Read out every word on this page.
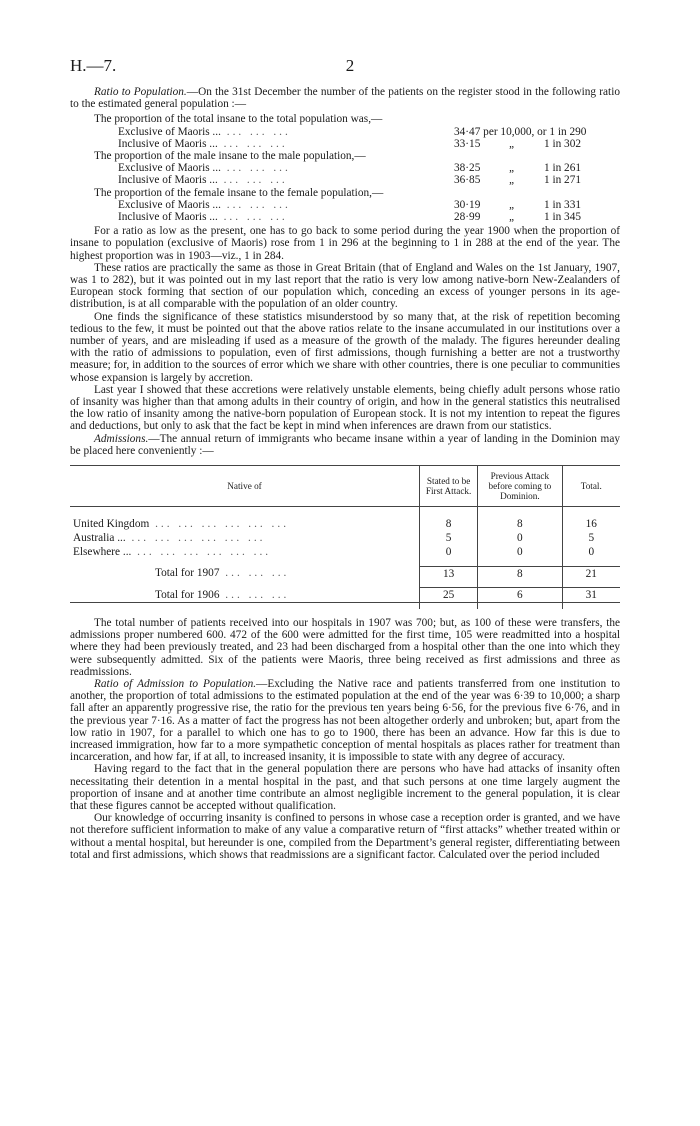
H.—7.	2

Ratio to Population.—On the 31st December the number of the patients on the register stood in the following ratio to the estimated general population :—

The proportion of the total insane to the total population was,—
Exclusive of Maoris ... ... ... ...	34·47 per 10,000, or 1 in 290
Inclusive of Maoris ... ... ... ...	33·15	„	1 in 302
The proportion of the male insane to the male population,—
Exclusive of Maoris ... ... ... ...	38·25	„	1 in 261
Inclusive of Maoris ... ... ... ...	36·85	„	1 in 271
The proportion of the female insane to the female population,—
Exclusive of Maoris ... ... ... ...	30·19	„	1 in 331
Inclusive of Maoris ... ... ... ...	28·99	„	1 in 345

For a ratio as low as the present, one has to go back to some period during the year 1900 when the proportion of insane to population (exclusive of Maoris) rose from 1 in 296 at the beginning to 1 in 288 at the end of the year. The highest proportion was in 1903—viz., 1 in 284.

These ratios are practically the same as those in Great Britain (that of England and Wales on the 1st January, 1907, was 1 to 282), but it was pointed out in my last report that the ratio is very low among native-born New-Zealanders of European stock forming that section of our population which, conceding an excess of younger persons in its age-distribution, is at all comparable with the population of an older country.

One finds the significance of these statistics misunderstood by so many that, at the risk of repetition becoming tedious to the few, it must be pointed out that the above ratios relate to the insane accumulated in our institutions over a number of years, and are misleading if used as a measure of the growth of the malady. The figures hereunder dealing with the ratio of admissions to population, even of first admissions, though furnishing a better are not a trustworthy measure; for, in addition to the sources of error which we share with other countries, there is one peculiar to communities whose expansion is largely by accretion.

Last year I showed that these accretions were relatively unstable elements, being chiefly adult persons whose ratio of insanity was higher than that among adults in their country of origin, and how in the general statistics this neutralised the low ratio of insanity among the native-born population of European stock. It is not my intention to repeat the figures and deductions, but only to ask that the fact be kept in mind when inferences are drawn from our statistics.

Admissions.—The annual return of immigrants who became insane within a year of landing in the Dominion may be placed here conveniently :—

Native of	Stated to be First Attack.	Previous Attack before coming to Dominion.	Total.

United Kingdom ... ... ... ... ... ...	8	8	16
Australia ... ... ... ... ... ... ...	5	0	5
Elsewhere ... ... ... ... ... ... ...	0	0	0

Total for 1907 ... ... ...	13	8	21

Total for 1906 ... ... ...	25	6	31

The total number of patients received into our hospitals in 1907 was 700; but, as 100 of these were transfers, the admissions proper numbered 600. 472 of the 600 were admitted for the first time, 105 were readmitted into a hospital where they had been previously treated, and 23 had been discharged from a hospital other than the one into which they were subsequently admitted. Six of the patients were Maoris, three being received as first admissions and three as readmissions.

Ratio of Admission to Population.—Excluding the Native race and patients transferred from one institution to another, the proportion of total admissions to the estimated population at the end of the year was 6·39 to 10,000; a sharp fall after an apparently progressive rise, the ratio for the previous ten years being 6·56, for the previous five 6·76, and in the previous year 7·16. As a matter of fact the progress has not been altogether orderly and unbroken; but, apart from the low ratio in 1907, for a parallel to which one has to go to 1900, there has been an advance. How far this is due to increased immigration, how far to a more sympathetic conception of mental hospitals as places rather for treatment than incarceration, and how far, if at all, to increased insanity, it is impossible to state with any degree of accuracy.

Having regard to the fact that in the general population there are persons who have had attacks of insanity often necessitating their detention in a mental hospital in the past, and that such persons at one time largely augment the proportion of insane and at another time contribute an almost negligible increment to the general population, it is clear that these figures cannot be accepted without qualification.

Our knowledge of occurring insanity is confined to persons in whose case a reception order is granted, and we have not therefore sufficient information to make of any value a comparative return of “first attacks” whether treated within or without a mental hospital, but hereunder is one, compiled from the Department’s general register, differentiating between total and first admissions, which shows that readmissions are a significant factor. Calculated over the period included
